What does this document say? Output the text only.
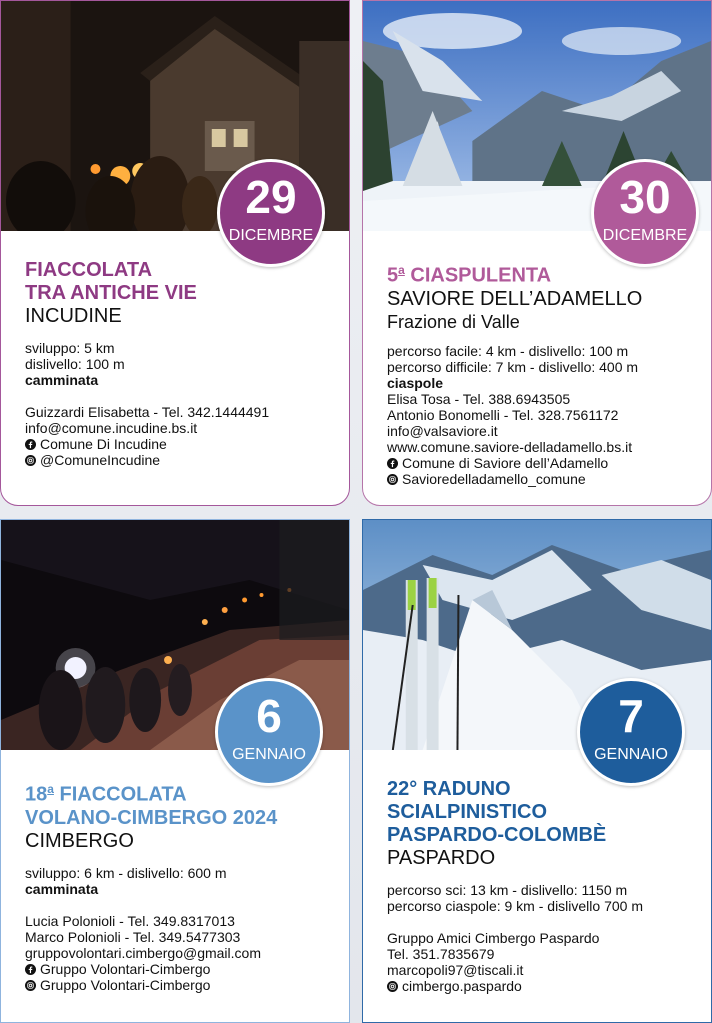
29
DICEMBRE

FIACCOLATA

TRA ANTICHE VIE

INCUDINE

sviluppo: 5 km
dislivello: 100 m
camminata
Guizzardi Elisabetta - Tel. 342.1444491
info@comune.incudine.bs.it
Comune Di Incudine
@ComuneIncudine
30
DICEMBRE

5$^a$ CIASPULENTA

SAVIORE DELL’ADAMELLO

Frazione di Valle

percorso facile: 4 km - dislivello: 100 m
percorso difficile: 7 km - dislivello: 400 m
ciaspole
Elisa Tosa - Tel. 388.6943505
Antonio Bonomelli - Tel. 328.7561172
info@valsaviore.it
www.comune.saviore-delladamello.bs.it
Comune di Saviore dell’Adamello
Savioredelladamello_comune
6
GENNAIO

18$^a$ FIACCOLATA

VOLANO-CIMBERGO 2024

CIMBERGO

sviluppo: 6 km - dislivello: 600 m
camminata
Lucia Polonioli - Tel. 349.8317013
Marco Polonioli - Tel. 349.5477303
gruppovolontari.cimbergo@gmail.com
Gruppo Volontari-Cimbergo
Gruppo Volontari-Cimbergo
7
GENNAIO

22° RADUNO

SCIALPINISTICO

PASPARDO-COLOMBÈ

PASPARDO

percorso sci: 13 km - dislivello: 1150 m
percorso ciaspole: 9 km - dislivello 700 m
Gruppo Amici Cimbergo Paspardo
Tel. 351.7835679
marcopoli97@tiscali.it
cimbergo.paspardo
